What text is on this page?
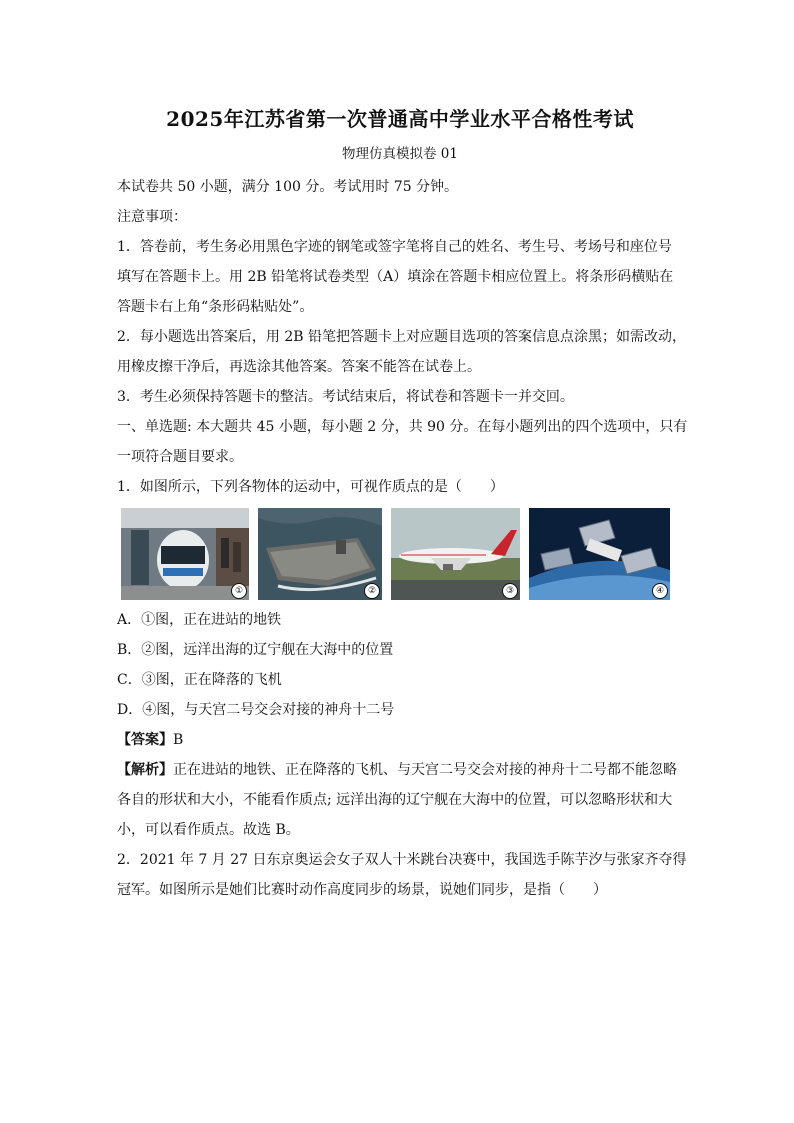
2025年江苏省第一次普通高中学业水平合格性考试
物理仿真模拟卷 01

本试卷共 50 小题，满分 100 分。考试用时 75 分钟。

注意事项：

1．答卷前，考生务必用黑色字迹的钢笔或签字笔将自己的姓名、考生号、考场号和座位号

填写在答题卡上。用 2B 铅笔将试卷类型（A）填涂在答题卡相应位置上。将条形码横贴在

答题卡右上角“条形码粘贴处”。

2．每小题选出答案后，用 2B 铅笔把答题卡上对应题目选项的答案信息点涂黑；如需改动，

用橡皮擦干净后，再选涂其他答案。答案不能答在试卷上。

3．考生必须保持答题卡的整洁。考试结束后，将试卷和答题卡一并交回。

一、单选题: 本大题共 45 小题，每小题 2 分，共 90 分。在每小题列出的四个选项中，只有

一项符合题目要求。

1．如图所示，下列各物体的运动中，可视作质点的是（　　）

①	②	③	④

A．①图，正在进站的地铁

B．②图，远洋出海的辽宁舰在大海中的位置

C．③图，正在降落的飞机

D．④图，与天宫二号交会对接的神舟十二号

【答案】B

【解析】正在进站的地铁、正在降落的飞机、与天宫二号交会对接的神舟十二号都不能忽略

各自的形状和大小，不能看作质点; 远洋出海的辽宁舰在大海中的位置，可以忽略形状和大

小，可以看作质点。故选 B。

2．2021 年 7 月 27 日东京奥运会女子双人十米跳台决赛中，我国选手陈芋汐与张家齐夺得

冠军。如图所示是她们比赛时动作高度同步的场景，说她们同步，是指（　　）
